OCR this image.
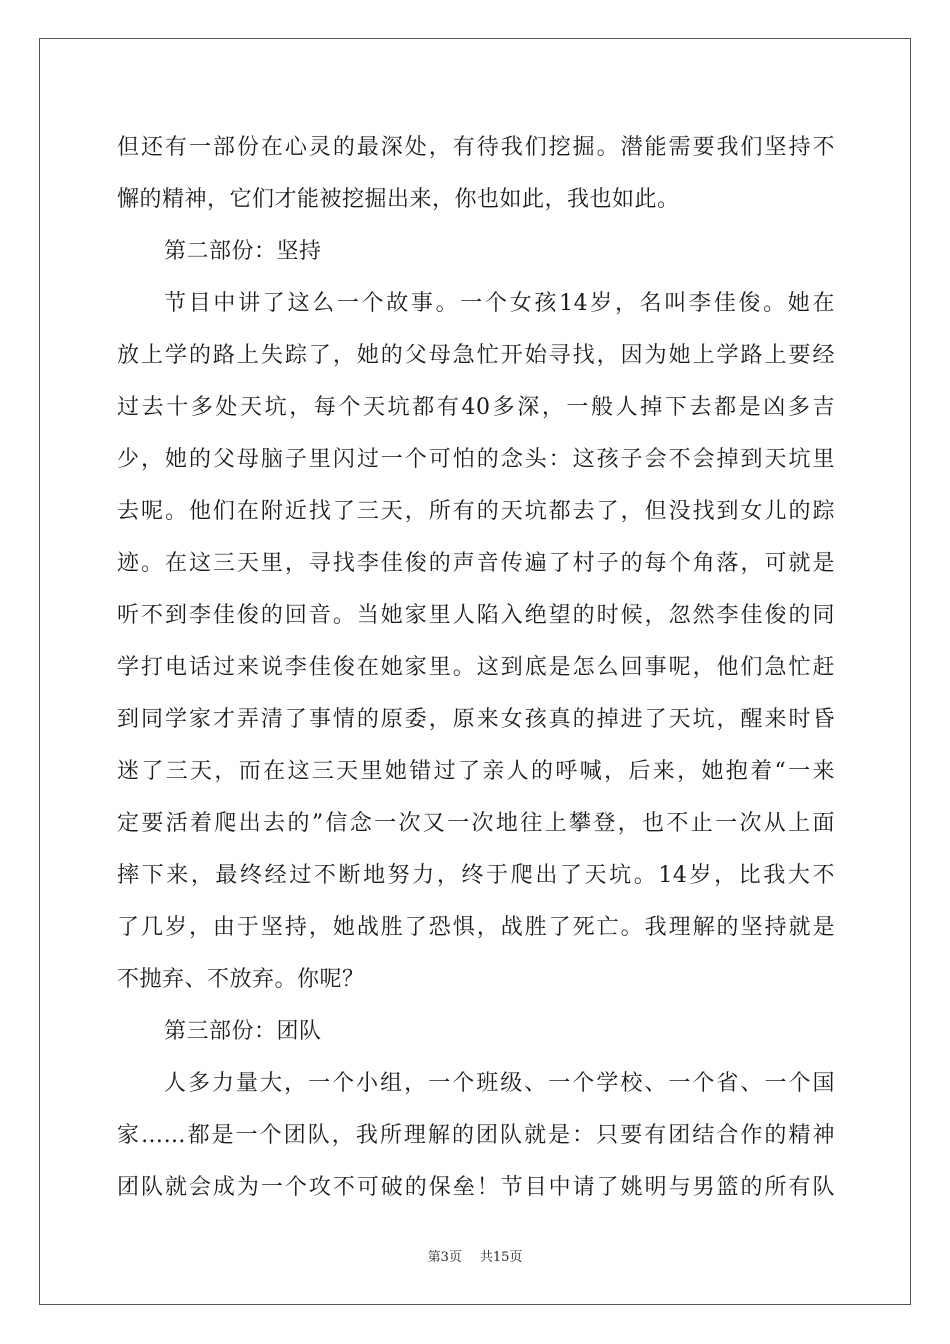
但还有一部份在心灵的最深处，有待我们挖掘。潜能需要我们坚持不
懈的精神，它们才能被挖掘出来，你也如此，我也如此。
第二部份：坚持
节目中讲了这么一个故事。一个女孩14岁，名叫李佳俊。她在
放上学的路上失踪了，她的父母急忙开始寻找，因为她上学路上要经
过去十多处天坑，每个天坑都有40多深，一般人掉下去都是凶多吉
少，她的父母脑子里闪过一个可怕的念头：这孩子会不会掉到天坑里
去呢。他们在附近找了三天，所有的天坑都去了，但没找到女儿的踪
迹。在这三天里，寻找李佳俊的声音传遍了村子的每个角落，可就是
听不到李佳俊的回音。当她家里人陷入绝望的时候，忽然李佳俊的同
学打电话过来说李佳俊在她家里。这到底是怎么回事呢，他们急忙赶
到同学家才弄清了事情的原委，原来女孩真的掉进了天坑，醒来时昏
迷了三天，而在这三天里她错过了亲人的呼喊，后来，她抱着“一来
定要活着爬出去的”信念一次又一次地往上攀登，也不止一次从上面
摔下来，最终经过不断地努力，终于爬出了天坑。14岁，比我大不
了几岁，由于坚持，她战胜了恐惧，战胜了死亡。我理解的坚持就是
不抛弃、不放弃。你呢？
第三部份：团队
人多力量大，一个小组，一个班级、一个学校、一个省、一个国
家……都是一个团队，我所理解的团队就是：只要有团结合作的精神
团队就会成为一个攻不可破的保垒！节目中请了姚明与男篮的所有队
第3页 共15页
